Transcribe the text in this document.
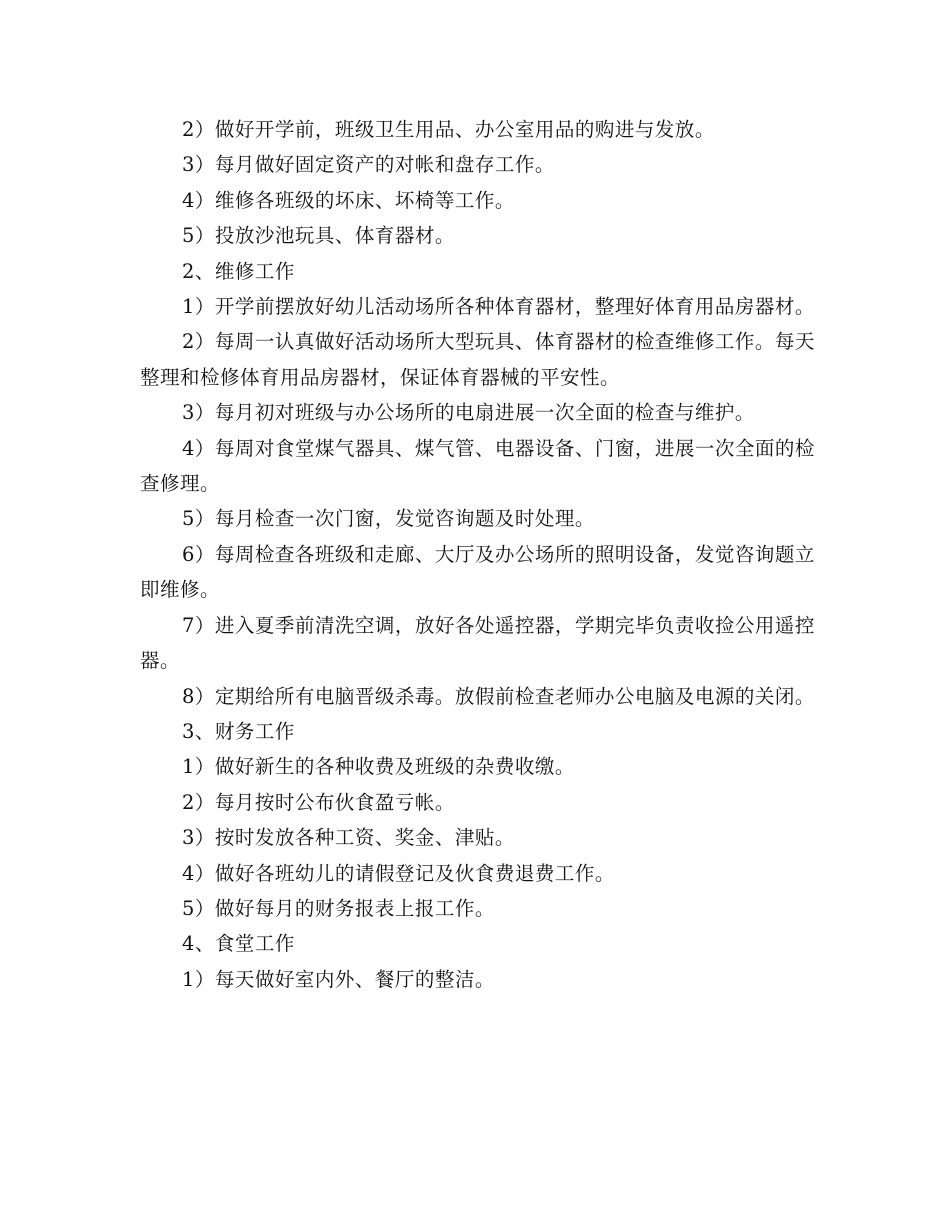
2）做好开学前，班级卫生用品、办公室用品的购进与发放。

3）每月做好固定资产的对帐和盘存工作。

4）维修各班级的坏床、坏椅等工作。

5）投放沙池玩具、体育器材。

2、维修工作

1）开学前摆放好幼儿活动场所各种体育器材，整理好体育用品房器材。

2）每周一认真做好活动场所大型玩具、体育器材的检查维修工作。每天整理和检修体育用品房器材，保证体育器械的平安性。

3）每月初对班级与办公场所的电扇进展一次全面的检查与维护。

4）每周对食堂煤气器具、煤气管、电器设备、门窗，进展一次全面的检查修理。

5）每月检查一次门窗，发觉咨询题及时处理。

6）每周检查各班级和走廊、大厅及办公场所的照明设备，发觉咨询题立即维修。

7）进入夏季前清洗空调，放好各处遥控器，学期完毕负责收捡公用遥控器。

8）定期给所有电脑晋级杀毒。放假前检查老师办公电脑及电源的关闭。

3、财务工作

1）做好新生的各种收费及班级的杂费收缴。

2）每月按时公布伙食盈亏帐。

3）按时发放各种工资、奖金、津贴。

4）做好各班幼儿的请假登记及伙食费退费工作。

5）做好每月的财务报表上报工作。

4、食堂工作

1）每天做好室内外、餐厅的整洁。
